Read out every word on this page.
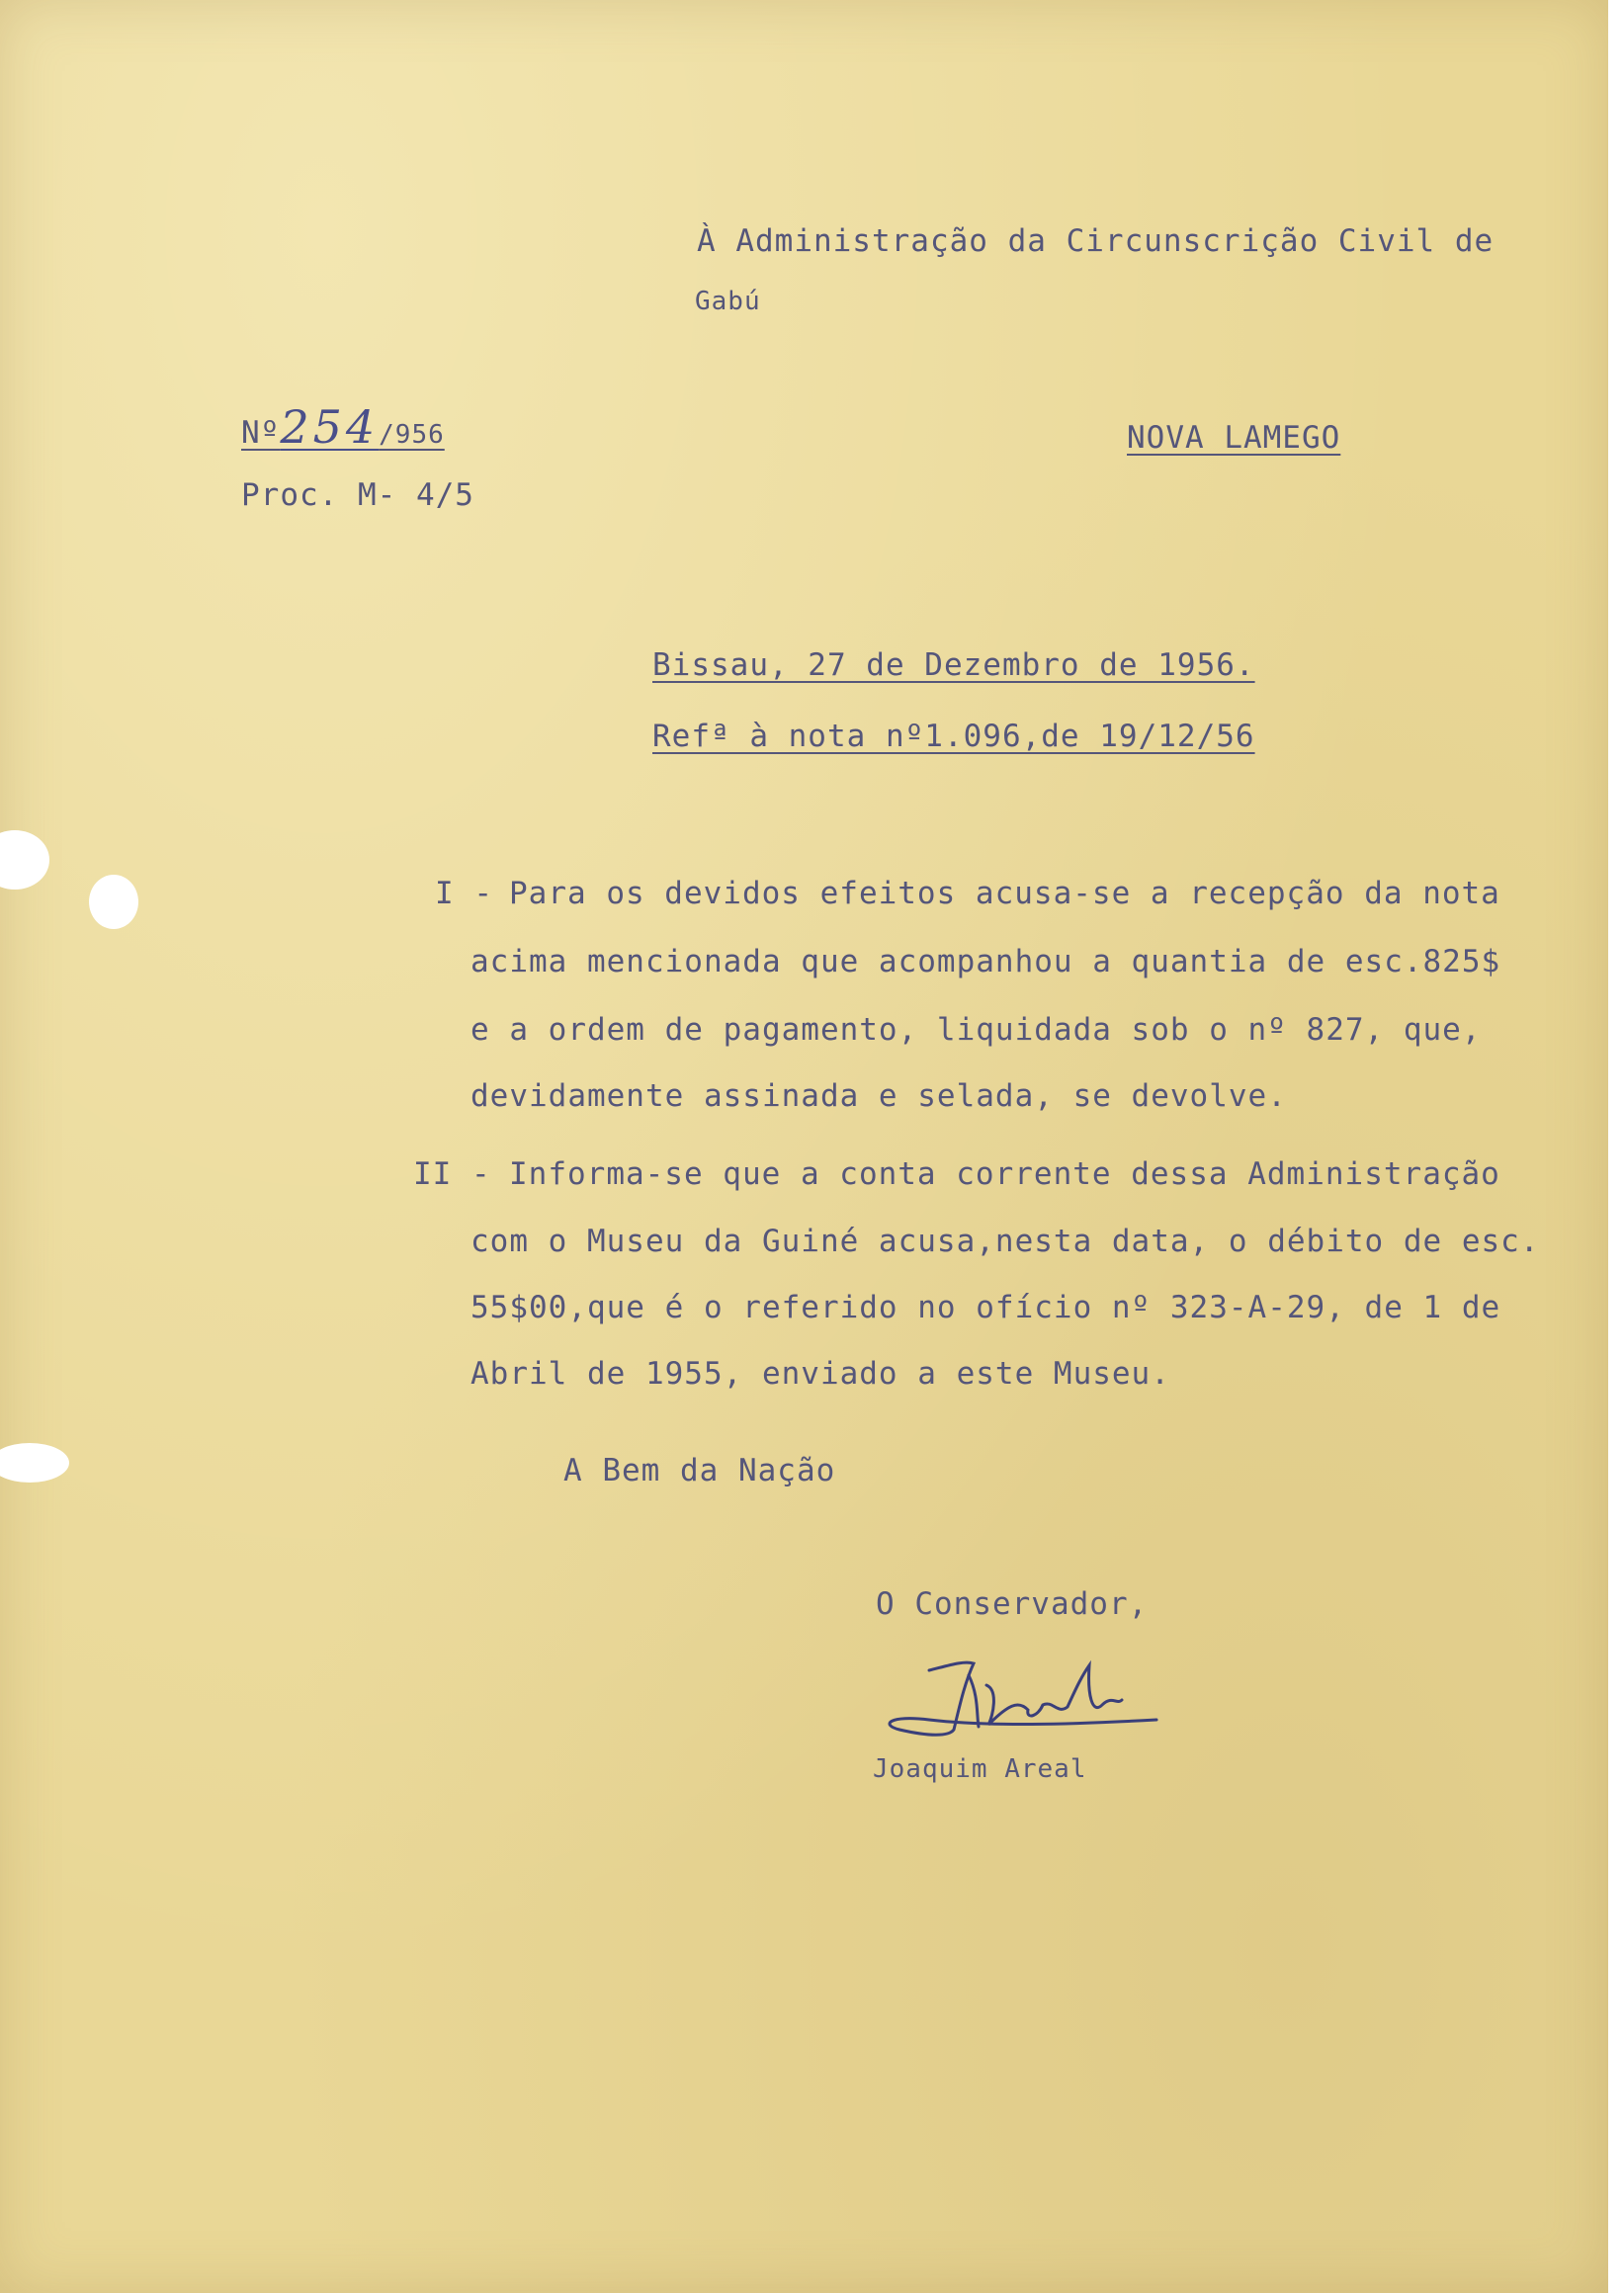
À Administração da Circunscrição Civil de
Gabú
Nº254/956
Proc. M- 4/5
NOVA LAMEGO
Bissau, 27 de Dezembro de 1956.
Refª à nota nº1.096,de 19/12/56
I - Para os devidos efeitos acusa-se a recepção da nota
acima mencionada que acompanhou a quantia de esc.825$
e a ordem de pagamento, liquidada sob o nº 827, que,
devidamente assinada e selada, se devolve.
II - Informa-se que a conta corrente dessa Administração
com o Museu da Guiné acusa,nesta data, o débito de esc.
55$00,que é o referido no ofício nº 323-A-29, de 1 de
Abril de 1955, enviado a este Museu.
A Bem da Nação
O Conservador,
Joaquim Areal
